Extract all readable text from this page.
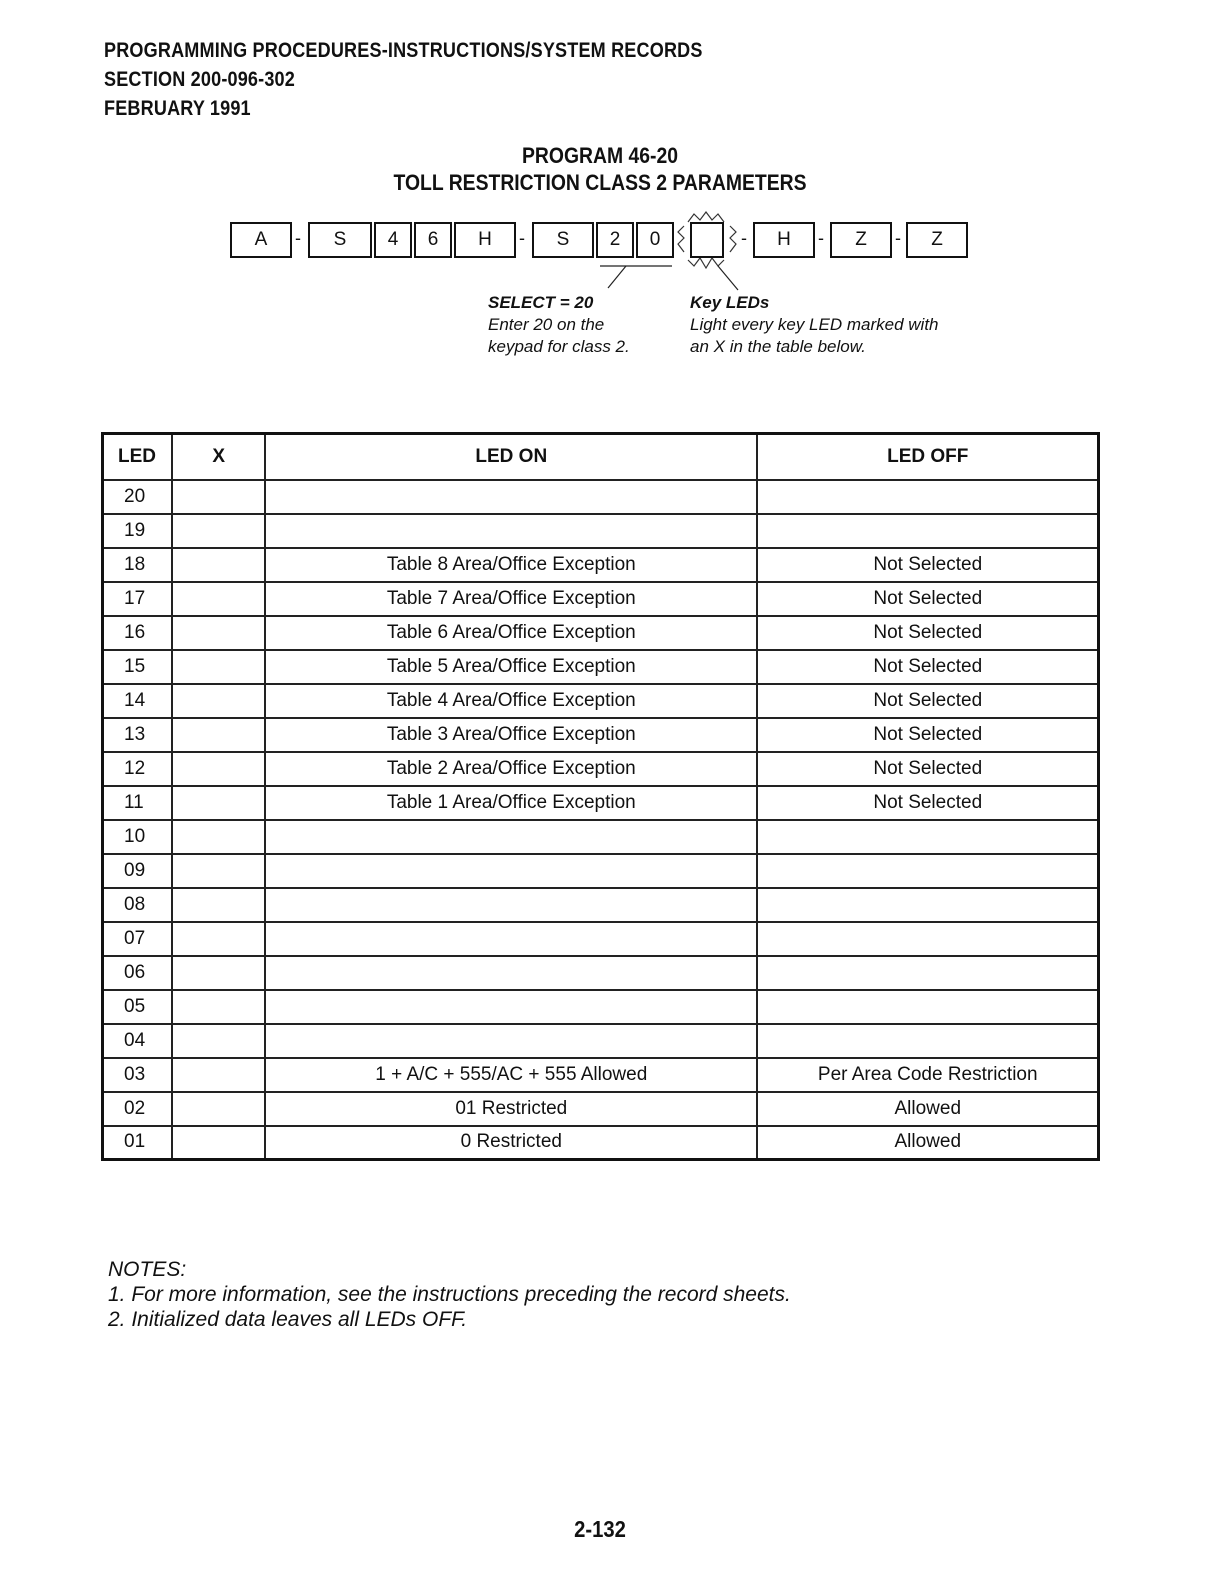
PROGRAMMING PROCEDURES-INSTRUCTIONS/SYSTEM RECORDS
SECTION 200-096-302
FEBRUARY 1991
PROGRAM 46-20
TOLL RESTRICTION CLASS 2 PARAMETERS
A	-	S	4	6	H	-	S	2	0	-	H	-	Z	-	Z
SELECT = 20
Enter 20 on the
keypad for class 2.
Key LEDs
Light every key LED marked with
an X in the table below.
LED	X	LED ON	LED OFF
20			
19			
18		Table 8 Area/Office Exception	Not Selected
17		Table 7 Area/Office Exception	Not Selected
16		Table 6 Area/Office Exception	Not Selected
15		Table 5 Area/Office Exception	Not Selected
14		Table 4 Area/Office Exception	Not Selected
13		Table 3 Area/Office Exception	Not Selected
12		Table 2 Area/Office Exception	Not Selected
11		Table 1 Area/Office Exception	Not Selected
10			
09			
08			
07			
06			
05			
04			
03		1 + A/C + 555/AC + 555 Allowed	Per Area Code Restriction
02		01 Restricted	Allowed
01		0 Restricted	Allowed
NOTES:
1. For more information, see the instructions preceding the record sheets.
2. Initialized data leaves all LEDs OFF.
2-132
